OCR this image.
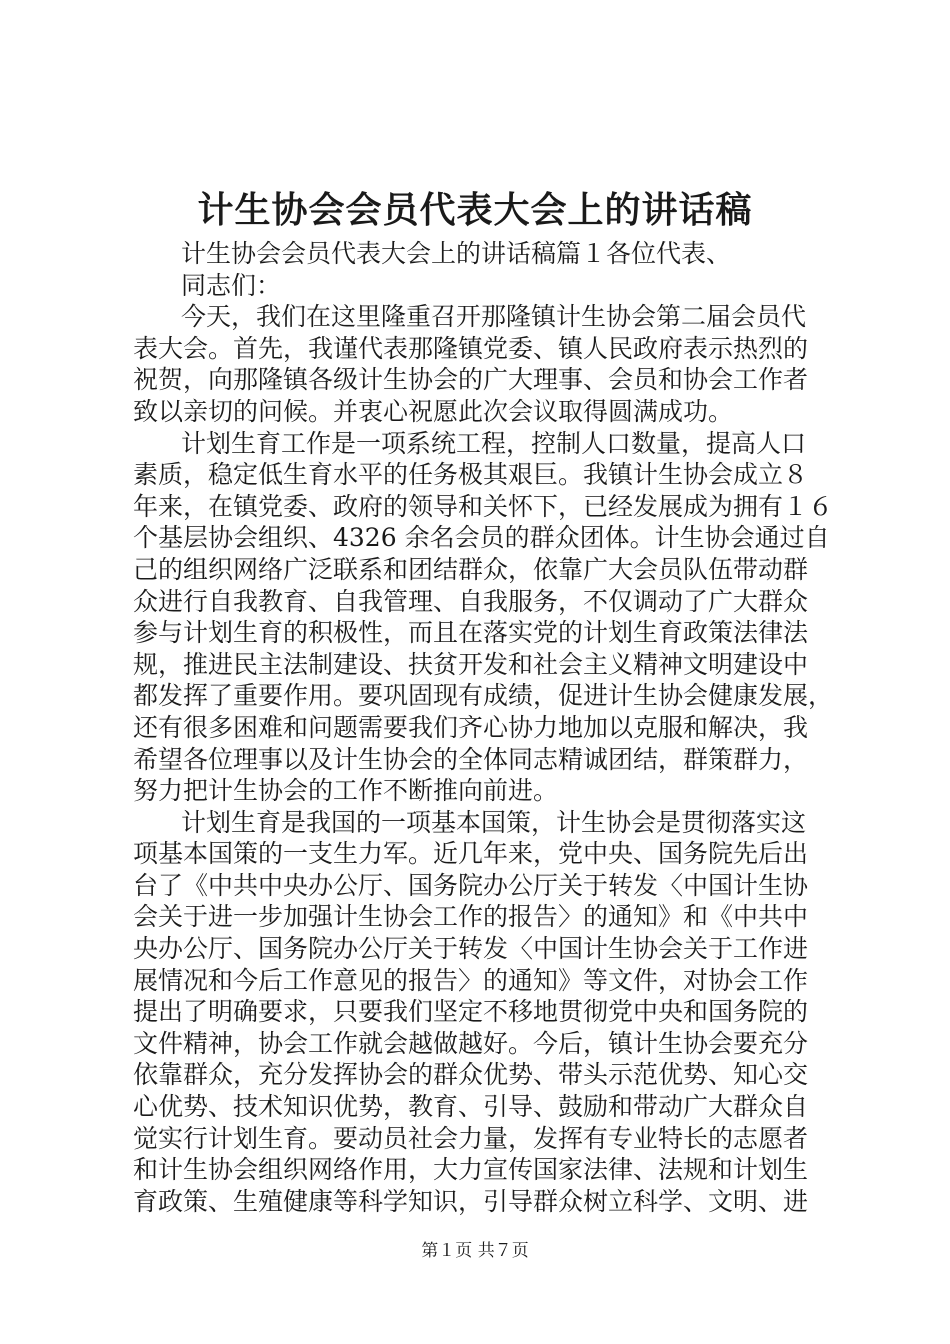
计生协会会员代表大会上的讲话稿
计生协会会员代表大会上的讲话稿篇１各位代表、
同志们：
今天，我们在这里隆重召开那隆镇计生协会第二届会员代
表大会。首先，我谨代表那隆镇党委、镇人民政府表示热烈的
祝贺，向那隆镇各级计生协会的广大理事、会员和协会工作者
致以亲切的问候。并衷心祝愿此次会议取得圆满成功。
计划生育工作是一项系统工程，控制人口数量，提高人口
素质，稳定低生育水平的任务极其艰巨。我镇计生协会成立８
年来，在镇党委、政府的领导和关怀下，已经发展成为拥有１６
个基层协会组织、4326 余名会员的群众团体。计生协会通过自
己的组织网络广泛联系和团结群众，依靠广大会员队伍带动群
众进行自我教育、自我管理、自我服务，不仅调动了广大群众
参与计划生育的积极性，而且在落实党的计划生育政策法律法
规，推进民主法制建设、扶贫开发和社会主义精神文明建设中
都发挥了重要作用。要巩固现有成绩，促进计生协会健康发展，
还有很多困难和问题需要我们齐心协力地加以克服和解决，我
希望各位理事以及计生协会的全体同志精诚团结，群策群力，
努力把计生协会的工作不断推向前进。
计划生育是我国的一项基本国策，计生协会是贯彻落实这
项基本国策的一支生力军。近几年来，党中央、国务院先后出
台了《中共中央办公厅、国务院办公厅关于转发〈中国计生协
会关于进一步加强计生协会工作的报告〉的通知》和《中共中
央办公厅、国务院办公厅关于转发〈中国计生协会关于工作进
展情况和今后工作意见的报告〉的通知》等文件，对协会工作
提出了明确要求，只要我们坚定不移地贯彻党中央和国务院的
文件精神，协会工作就会越做越好。今后，镇计生协会要充分
依靠群众，充分发挥协会的群众优势、带头示范优势、知心交
心优势、技术知识优势，教育、引导、鼓励和带动广大群众自
觉实行计划生育。要动员社会力量，发挥有专业特长的志愿者
和计生协会组织网络作用，大力宣传国家法律、法规和计划生
育政策、生殖健康等科学知识，引导群众树立科学、文明、进
第１页 共７页
